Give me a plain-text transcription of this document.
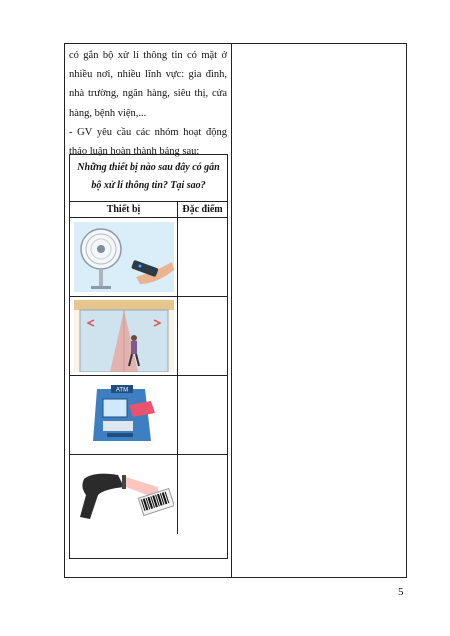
có gắn bộ xử lí thông tin có mặt ở
nhiều nơi, nhiều lĩnh vực: gia đình,
nhà trường, ngân hàng, siêu thị, cửa
hàng, bệnh viện,...
- GV yêu cầu các nhóm hoạt động
thảo luận hoàn thành bảng sau:

Những thiết bị nào sau đây có gắn
bộ xử lí thông tin? Tại sao?
Thiết bị	Đặc điểm
ATM
5
